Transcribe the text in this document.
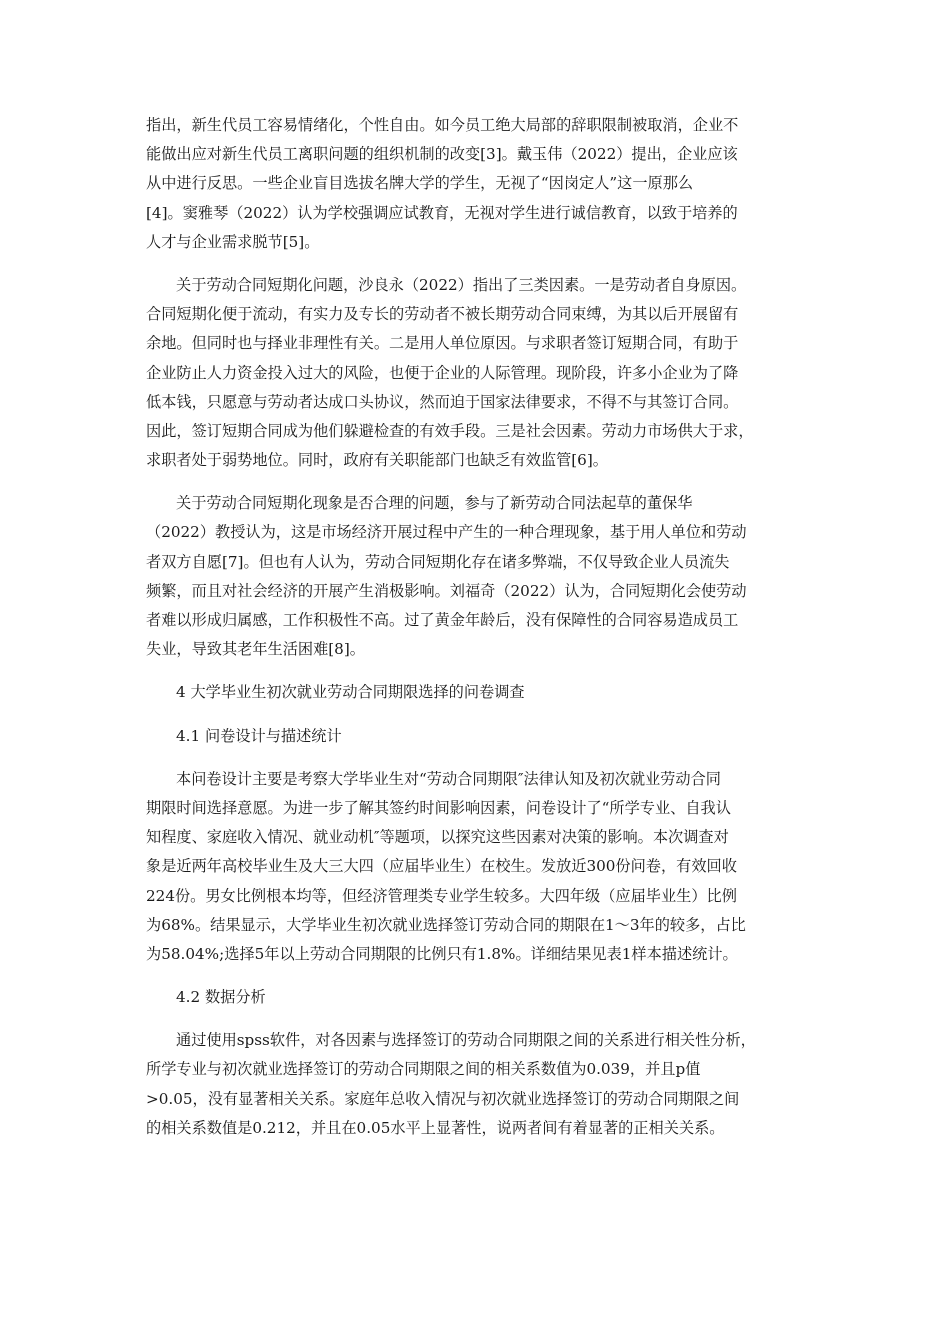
指出，新生代员工容易情绪化，个性自由。如今员工绝大局部的辞职限制被取消，企业不
能做出应对新生代员工离职问题的组织机制的改变[3]。戴玉伟（2022）提出，企业应该
从中进行反思。一些企业盲目选拔名牌大学的学生，无视了“因岗定人”这一原那么
[4]。窦雅琴（2022）认为学校强调应试教育，无视对学生进行诚信教育，以致于培养的
人才与企业需求脱节[5]。
关于劳动合同短期化问题，沙良永（2022）指出了三类因素。一是劳动者自身原因。
合同短期化便于流动，有实力及专长的劳动者不被长期劳动合同束缚，为其以后开展留有
余地。但同时也与择业非理性有关。二是用人单位原因。与求职者签订短期合同，有助于
企业防止人力资金投入过大的风险，也便于企业的人际管理。现阶段，许多小企业为了降
低本钱，只愿意与劳动者达成口头协议，然而迫于国家法律要求，不得不与其签订合同。
因此，签订短期合同成为他们躲避检查的有效手段。三是社会因素。劳动力市场供大于求，
求职者处于弱势地位。同时，政府有关职能部门也缺乏有效监管[6]。
关于劳动合同短期化现象是否合理的问题，参与了新劳动合同法起草的董保华
（2022）教授认为，这是市场经济开展过程中产生的一种合理现象，基于用人单位和劳动
者双方自愿[7]。但也有人认为，劳动合同短期化存在诸多弊端，不仅导致企业人员流失
频繁，而且对社会经济的开展产生消极影响。刘福奇（2022）认为，合同短期化会使劳动
者难以形成归属感，工作积极性不高。过了黄金年龄后，没有保障性的合同容易造成员工
失业，导致其老年生活困难[8]。
4 大学毕业生初次就业劳动合同期限选择的问卷调查
4.1 问卷设计与描述统计
本问卷设计主要是考察大学毕业生对“劳动合同期限″法律认知及初次就业劳动合同
期限时间选择意愿。为进一步了解其签约时间影响因素，问卷设计了“所学专业、自我认
知程度、家庭收入情况、就业动机″等题项，以探究这些因素对决策的影响。本次调查对
象是近两年高校毕业生及大三大四（应届毕业生）在校生。发放近300份问卷，有效回收
224份。男女比例根本均等，但经济管理类专业学生较多。大四年级（应届毕业生）比例
为68%。结果显示，大学毕业生初次就业选择签订劳动合同的期限在1～3年的较多，占比
为58.04%;选择5年以上劳动合同期限的比例只有1.8%。详细结果见表1样本描述统计。
4.2 数据分析
通过使用spss软件，对各因素与选择签订的劳动合同期限之间的关系进行相关性分析，
所学专业与初次就业选择签订的劳动合同期限之间的相关系数值为0.039，并且p值
>0.05，没有显著相关关系。家庭年总收入情况与初次就业选择签订的劳动合同期限之间
的相关系数值是0.212，并且在0.05水平上显著性，说两者间有着显著的正相关关系。
